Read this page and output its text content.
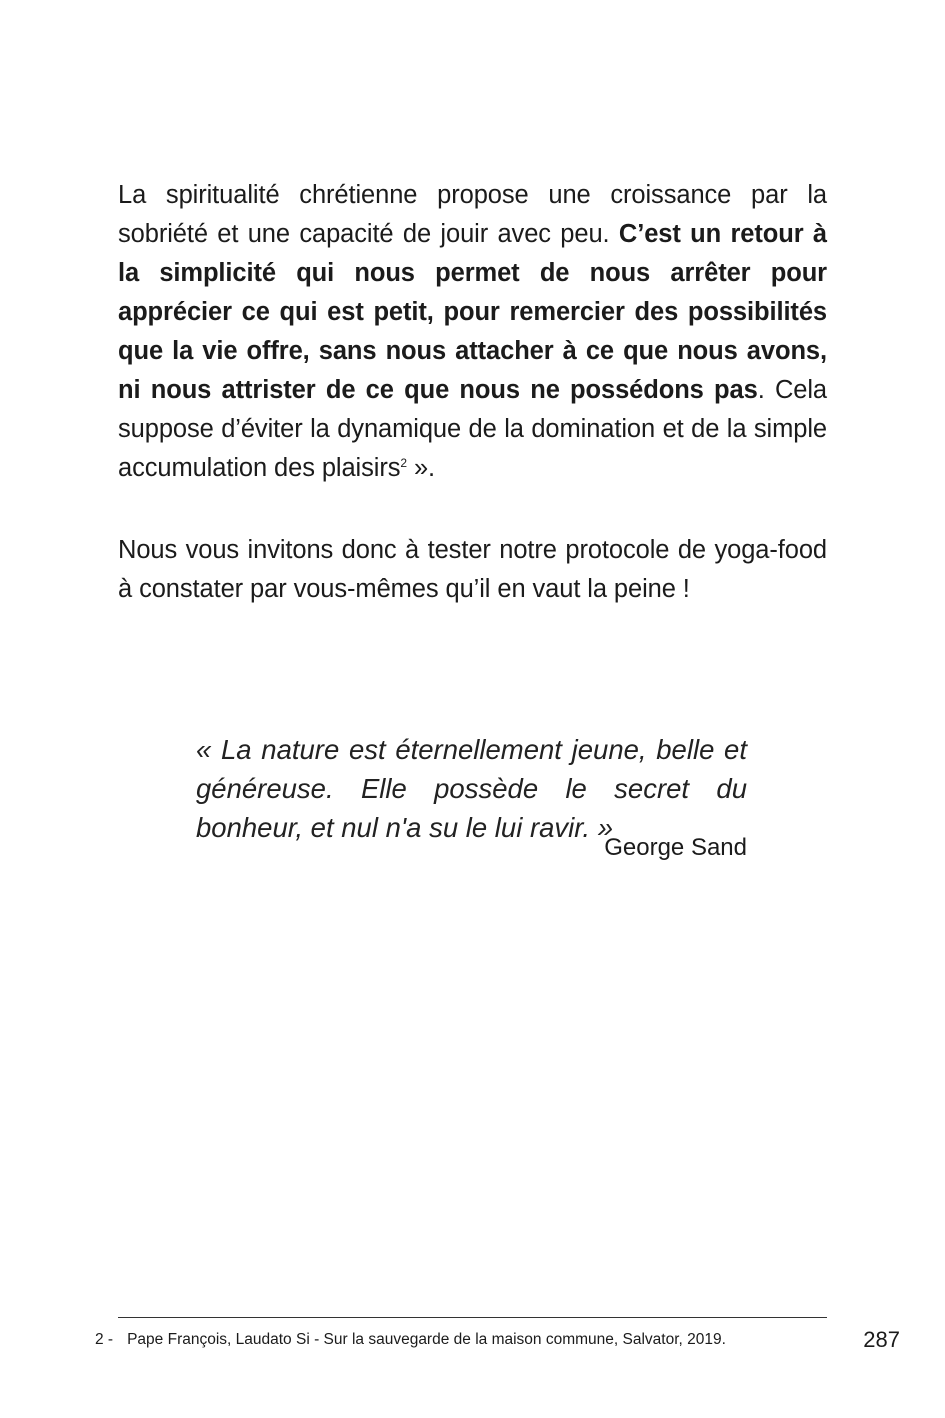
La spiritualité chrétienne propose une croissance par la sobriété et une capacité de jouir avec peu. C’est un retour à la simplicité qui nous permet de nous arrêter pour apprécier ce qui est petit, pour remercier des possibilités que la vie offre, sans nous attacher à ce que nous avons, ni nous attrister de ce que nous ne possédons pas. Cela suppose d’éviter la dynamique de la domination et de la simple accumulation des plaisirs$^2$ ».

Nous vous invitons donc à tester notre protocole de yoga-food à constater par vous-mêmes qu’il en vaut la peine !

« La nature est éternellement jeune, belle et généreuse. Elle possède le secret du bonheur, et nul n'a su le lui ravir. »

George Sand
2 - Pape François, Laudato Si - Sur la sauvegarde de la maison commune, Salvator, 2019.	287
